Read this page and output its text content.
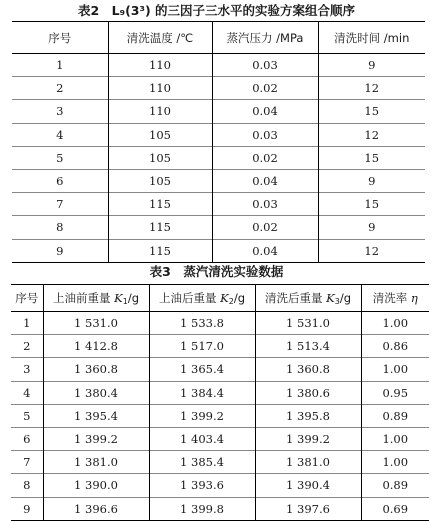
表2　L₉(3³) 的三因子三水平的实验方案组合顺序
序号	清洗温度 /℃	蒸汽压力 /MPa	清洗时间 /min
1	110	0.03	9
2	110	0.02	12
3	110	0.04	15
4	105	0.03	12
5	105	0.02	15
6	105	0.04	9
7	115	0.03	15
8	115	0.02	9
9	115	0.04	12
表3　蒸汽清洗实验数据
序号	上油前重量 $K_1/g$	上油后重量 $K_2/g$	清洗后重量 $K_3/g$	清洗率 η
1	1 531.0	1 533.8	1 531.0	1.00
2	1 412.8	1 517.0	1 513.4	0.86
3	1 360.8	1 365.4	1 360.8	1.00
4	1 380.4	1 384.4	1 380.6	0.95
5	1 395.4	1 399.2	1 395.8	0.89
6	1 399.2	1 403.4	1 399.2	1.00
7	1 381.0	1 385.4	1 381.0	1.00
8	1 390.0	1 393.6	1 390.4	0.89
9	1 396.6	1 399.8	1 397.6	0.69
